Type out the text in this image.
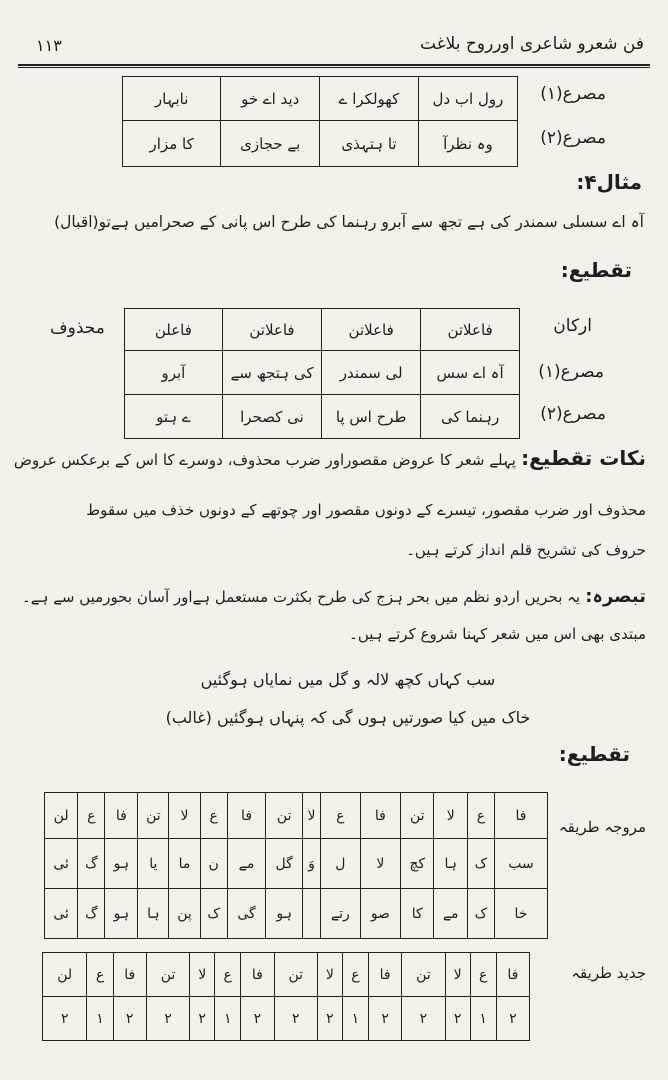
فن شعرو شاعری اورروح بلاغت
۱۱۳
مصرع(۱)
مصرع(۲)
رول اب دل	کھولکرا ے	دید اے خو	نابہار
وہ نظرآ	تا ہتہذی	بے حجازی	کا مزار
مثال۴:
آہ اے سسلی سمندر کی ہے تجھ سے آبرو رہنما کی طرح اس پانی کے صحرامیں ہےتو(اقبال)
تقطیع:
ارکان
مصرع(۱)
مصرع(۲)
محذوف	فاعلاتن	فاعلاتن	فاعلاتن	فاعلن
آہ اے سس	لی سمندر	کی ہتجھ سے	آبرو
رہنما کی	طرح اس پا	نی کصحرا	ے ہتو
نکات تقطیع: پہلے شعر کا عروض مقصوراور ضرب محذوف، دوسرے کا اس کے برعکس عروض
محذوف اور ضرب مقصور، تیسرے کے دونوں مقصور اور چوتھے کے دونوں خذف میں سقوط
حروف کی تشریح قلم انداز کرتے ہیں۔
تبصرہ: یہ بحریں اردو نظم میں بحر ہزج کی طرح بکثرت مستعمل ہےاور آسان بحورمیں سے ہے۔
مبتدی بھی اس میں شعر کہنا شروع کرتے ہیں۔
سب کہاں کچھ لالہ و گل میں نمایاں ہوگئیں
خاک میں کیا صورتیں ہوں گی کہ پنہاں ہوگئیں (غالب)
تقطیع:
مروجہ طریقہ
فا	ع	لا	تن	فا	ع	لا	تن	فا	ع	لا	تن	فا	ع	لن
سب	ک	ہا	کچ	لا	ل	وَ	گل	مے	ن	ما	یا	ہو	گ	ئی
خا	ک	مے	کا	صو	رتے		ہو	گی	ک	پن	ہا	ہو	گ	ئی
جدید طریقہ
فا	ع	لا	تن	فا	ع	لا	تن	فا	ع	لا	تن	فا	ع	لن
۲	۱	۲	۲	۲	۱	۲	۲	۲	۱	۲	۲	۲	۱	۲
